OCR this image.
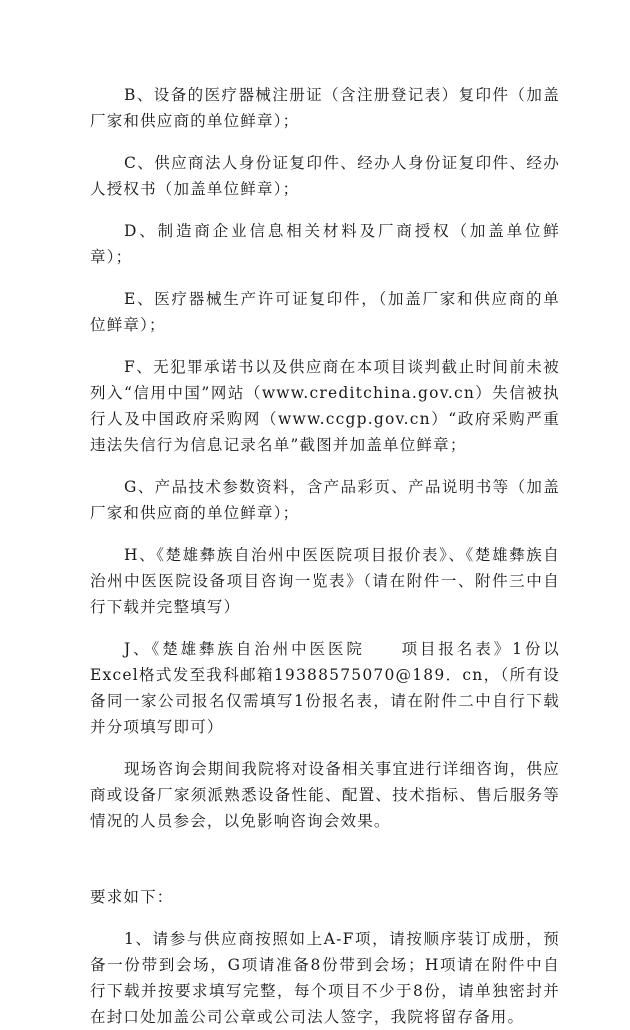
B、设备的医疗器械注册证（含注册登记表）复印件（加盖厂家和供应商的单位鲜章）；

C、供应商法人身份证复印件、经办人身份证复印件、经办人授权书（加盖单位鲜章）；

D、制造商企业信息相关材料及厂商授权（加盖单位鲜章）；

E、医疗器械生产许可证复印件，（加盖厂家和供应商的单位鲜章）；

F、无犯罪承诺书以及供应商在本项目谈判截止时间前未被列入“信用中国”网站（www.creditchina.gov.cn）失信被执行人及中国政府采购网（www.ccgp.gov.cn）“政府采购严重违法失信行为信息记录名单”截图并加盖单位鲜章；

G、产品技术参数资料，含产品彩页、产品说明书等（加盖厂家和供应商的单位鲜章）；

H、《楚雄彝族自治州中医医院项目报价表》、《楚雄彝族自治州中医医院设备项目咨询一览表》（请在附件一、附件三中自行下载并完整填写）

J、《楚雄彝族自治州中医医院　　项目报名表》1份以Excel格式发至我科邮箱19388575070@189．cn，（所有设备同一家公司报名仅需填写1份报名表，请在附件二中自行下载并分项填写即可）

现场咨询会期间我院将对设备相关事宜进行详细咨询，供应商或设备厂家须派熟悉设备性能、配置、技术指标、售后服务等情况的人员参会，以免影响咨询会效果。

要求如下：

1、请参与供应商按照如上A-F项，请按顺序装订成册，预备一份带到会场，G项请准备8份带到会场；H项请在附件中自行下载并按要求填写完整，每个项目不少于8份，请单独密封并在封口处加盖公司公章或公司法人签字，我院将留存备用。
